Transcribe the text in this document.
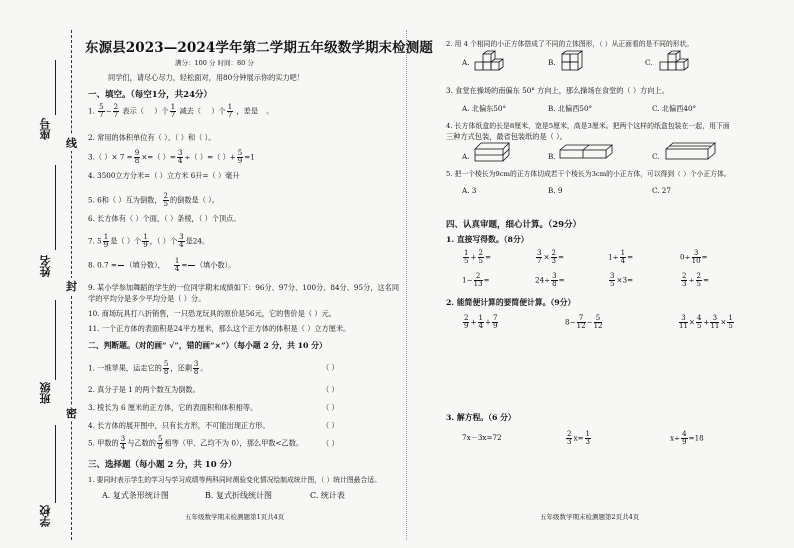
座号
姓名
班级
学校
线
封
密
东源县2023—2024学年第二学期五年级数学期末检测题
满分：100 分 时间：80 分
同学们，请尽心尽力，轻松面对，用80分钟展示你的实力吧！
一、填空。（每空1分，共24分）
1. $\frac{5}{7} - \frac{2}{7}$ 表示（ ）个 $\frac{1}{7}$ 减去（ ）个 $\frac{1}{7}$ ，差是 。
2. 常用的体积单位有（ ）、（ ）和（ ）。
3.（ ）× $7 = \frac{9}{8}$ ×=（ ）= $\frac{3}{4}$ ÷（ ）=（ ）+ $\frac{5}{9} =1$
4. 3500立方分米=（ ）立方米 6升=（ ）毫升
5. 6和（ ）互为倒数， $\frac{2}{5}$ 的倒数是（ ）。
6. 长方体有（ ）个面，（ ）条棱，（ ）个顶点。
7. $5 \frac{1}{9}$ 是（ ）个 $\frac{1}{9}$ ，（ ）个 $\frac{3}{4}$ 是24。
8. 0.7 =

（填分数）， $\frac{1}{4}$ =

（填小数）。
9. 某小学参加舞蹈的学生的一位同学期末成绩如下：96分、97分、100分、84分、95分，这名同学的平均分是多少平均分是（ ）分。
10. 商场玩具打八折销售，一只恐龙玩具的原价是56元，它的售价是（ ）元。
11. 一个正方体的表面积是24平方厘米，那么这个正方体的体积是（ ）立方厘米。
二、判断题。（对的画“ √”，错的画“×”）（每小题 2 分，共 10 分）
1. 一堆苹果，运走它的 $\frac{5}{8}$ ，还剩 $\frac{3}{8}$ 。	（ ）
2. 真分子是 1 的两个数互为倒数。	（ ）
3. 棱长为 6 厘米的正方体，它的表面积和体积相等。	（ ）
4. 长方体的展开图中，只有长方形，不可能出现正方形。	（ ）
5. 甲数的 $\frac{3}{4}$ 与乙数的 $\frac{5}{8}$ 相等（甲、乙均不为 0），那么甲数<乙数。	（ ）
三、选择题（每小题 2 分，共 10 分）
1. 要同时表示学生的学习与学习成绩等两科同时测验变化情况绘制成统计图，（ ）统计图最合适。
A. 复式条形统计图	B. 复式折线统计图	C. 统计表
五年级数学期末检测题第1页共4页
2. 用 4 个相同的小正方体搭成了不同的立体图形，（ ）从正面看的是不同的形状。
A.	B.	C.
3. 食堂在操场的南偏东 50° 方向上，那么操场在食堂的（ ）方向上。
A. 北偏东50°	B. 北偏西50°	C. 北偏西40°
4. 长方体纸盒的长是8厘米，宽是5厘米，高是3厘米。把两个这样的纸盒包装在一起，用下面
三种方式包装，最省包装纸的是（ ）。
A.	B.	C.
5. 把一个棱长为9cm的正方体切成若干个棱长为3cm的小正方体，可以得到（ ）个小正方体。
A. 3	B. 9	C. 27
四、认真审题，细心计算。（29分）
1. 直接写得数。（8分）
$\frac{1}{5} + \frac{2}{5}$ =	$\frac{3}{7} \times \frac{2}{3}$ =	$1\div \frac{1}{4}$ =	$0\div \frac{3}{10}$ =
$1- \frac{2}{13}$ =	$24\div \frac{3}{8}$ =	$\frac{3}{5} \times 3=$	$\frac{2}{3} \div \frac{2}{5}$ =
2. 能简便计算的要简便计算。（9分）
$\frac{2}{9} + \frac{1}{4} + \frac{7}{9}$	$8- \frac{7}{12} - \frac{5}{12}$	$\frac{3}{11} \times \frac{4}{5} + \frac{3}{11} \times \frac{1}{5}$
3. 解方程。（6 分）
7x－3x=72	$\frac{2}{3} x= \frac{1}{3}$	$x\div \frac{4}{9} =18$
五年级数学期末检测题第2页共4页
